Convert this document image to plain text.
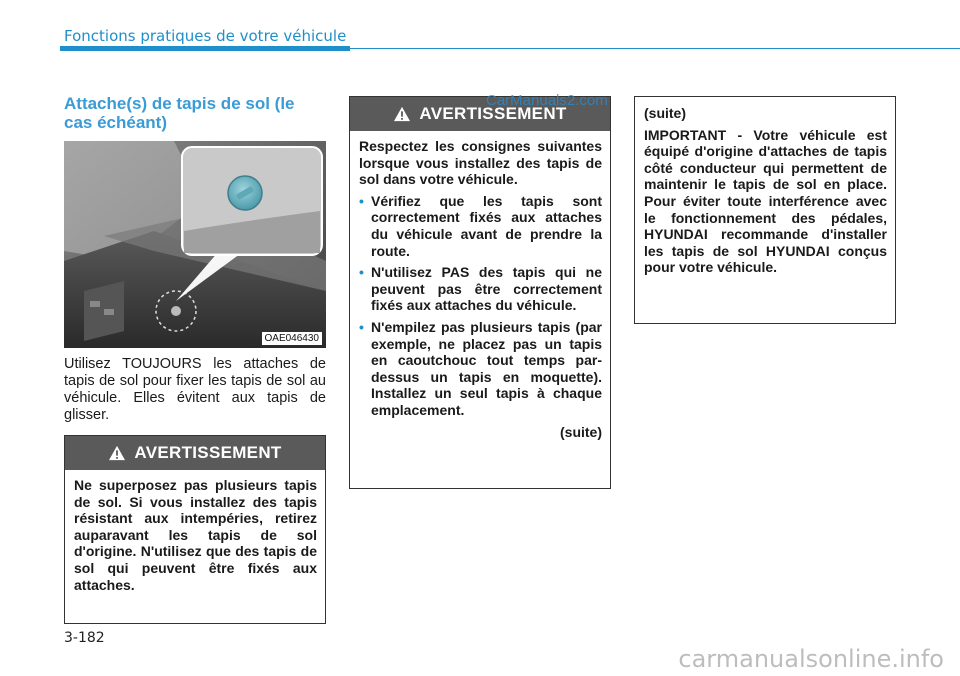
Fonctions pratiques de votre véhicule
Attache(s) de tapis de sol (le cas échéant)
OAE046430
Utilisez TOUJOURS les attaches de tapis de sol pour fixer les tapis de sol au véhicule. Elles évitent aux tapis de glisser.
AVERTISSEMENT

Ne superposez pas plusieurs tapis de sol. Si vous installez des tapis résistant aux intempéries, retirez auparavant les tapis de sol d'origine. N'utilisez que des tapis de sol qui peuvent être fixés aux attaches.

AVERTISSEMENT

Respectez les consignes suivantes lorsque vous installez des tapis de sol dans votre véhicule.

• Vérifiez que les tapis sont correctement fixés aux attaches du véhicule avant de prendre la route.
• N'utilisez PAS des tapis qui ne peuvent pas être correctement fixés aux attaches du véhicule.
• N'empilez pas plusieurs tapis (par exemple, ne placez pas un tapis en caoutchouc tout temps par-dessus un tapis en moquette). Installez un seul tapis à chaque emplacement.
(suite)

(suite)

IMPORTANT - Votre véhicule est équipé d'origine d'attaches de tapis côté conducteur qui permettent de maintenir le tapis de sol en place. Pour éviter toute interférence avec le fonctionnement des pédales, HYUNDAI recommande d'installer les tapis de sol HYUNDAI conçus pour votre véhicule.

CarManuals2.com
3-182
carmanualsonline.info
